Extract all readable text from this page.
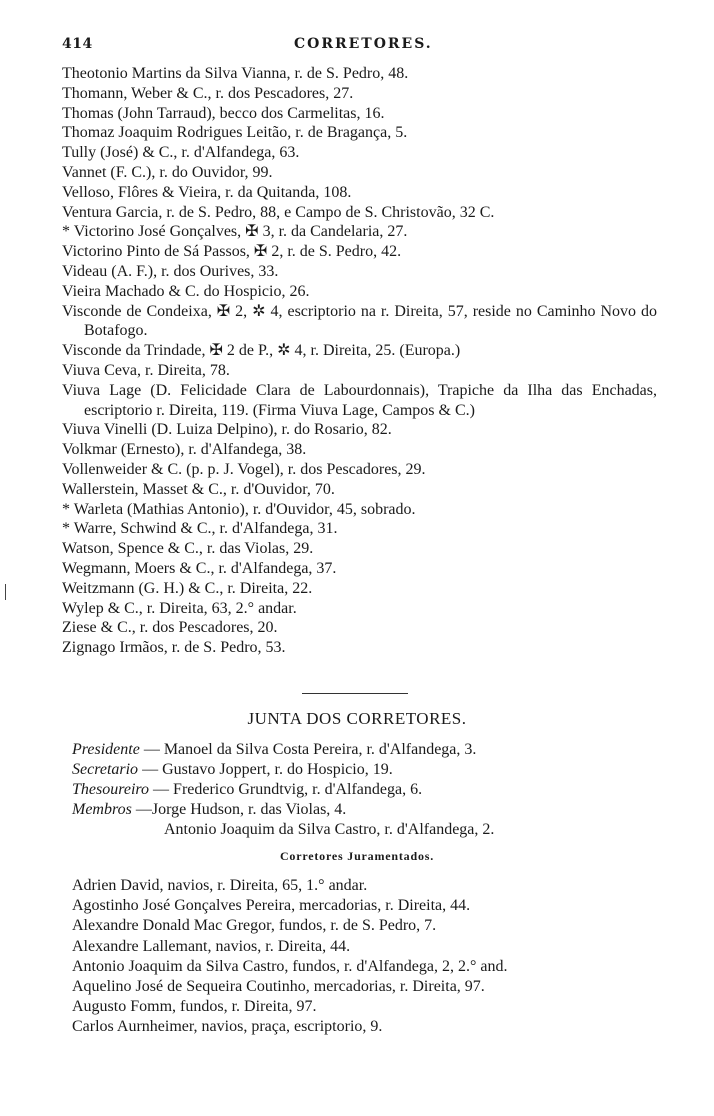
414	CORRETORES.
Theotonio Martins da Silva Vianna, r. de S. Pedro, 48.
Thomann, Weber & C., r. dos Pescadores, 27.
Thomas (John Tarraud), becco dos Carmelitas, 16.
Thomaz Joaquim Rodrigues Leitão, r. de Bragança, 5.
Tully (José) & C., r. d'Alfandega, 63.
Vannet (F. C.), r. do Ouvidor, 99.
Velloso, Flôres & Vieira, r. da Quitanda, 108.
Ventura Garcia, r. de S. Pedro, 88, e Campo de S. Christovão, 32 C.
* Victorino José Gonçalves, ✠ 3, r. da Candelaria, 27.
Victorino Pinto de Sá Passos, ✠ 2, r. de S. Pedro, 42.
Videau (A. F.), r. dos Ourives, 33.
Vieira Machado & C. do Hospicio, 26.
Visconde de Condeixa, ✠ 2, ✲ 4, escriptorio na r. Direita, 57, reside no Caminho Novo do Botafogo.
Visconde da Trindade, ✠ 2 de P., ✲ 4, r. Direita, 25. (Europa.)
Viuva Ceva, r. Direita, 78.
Viuva Lage (D. Felicidade Clara de Labourdonnais), Trapiche da Ilha das Enchadas, escriptorio r. Direita, 119. (Firma Viuva Lage, Campos & C.)
Viuva Vinelli (D. Luiza Delpino), r. do Rosario, 82.
Volkmar (Ernesto), r. d'Alfandega, 38.
Vollenweider & C. (p. p. J. Vogel), r. dos Pescadores, 29.
Wallerstein, Masset & C., r. d'Ouvidor, 70.
* Warleta (Mathias Antonio), r. d'Ouvidor, 45, sobrado.
* Warre, Schwind & C., r. d'Alfandega, 31.
Watson, Spence & C., r. das Violas, 29.
Wegmann, Moers & C., r. d'Alfandega, 37.
Weitzmann (G. H.) & C., r. Direita, 22.
Wylep & C., r. Direita, 63, 2.° andar.
Ziese & C., r. dos Pescadores, 20.
Zignago Irmãos, r. de S. Pedro, 53.
JUNTA DOS CORRETORES.
Presidente — Manoel da Silva Costa Pereira, r. d'Alfandega, 3.
Secretario — Gustavo Joppert, r. do Hospicio, 19.
Thesoureiro — Frederico Grundtvig, r. d'Alfandega, 6.
Membros —Jorge Hudson, r. das Violas, 4.
Antonio Joaquim da Silva Castro, r. d'Alfandega, 2.
Corretores Juramentados.
Adrien David, navios, r. Direita, 65, 1.° andar.
Agostinho José Gonçalves Pereira, mercadorias, r. Direita, 44.
Alexandre Donald Mac Gregor, fundos, r. de S. Pedro, 7.
Alexandre Lallemant, navios, r. Direita, 44.
Antonio Joaquim da Silva Castro, fundos, r. d'Alfandega, 2, 2.° and.
Aquelino José de Sequeira Coutinho, mercadorias, r. Direita, 97.
Augusto Fomm, fundos, r. Direita, 97.
Carlos Aurnheimer, navios, praça, escriptorio, 9.
